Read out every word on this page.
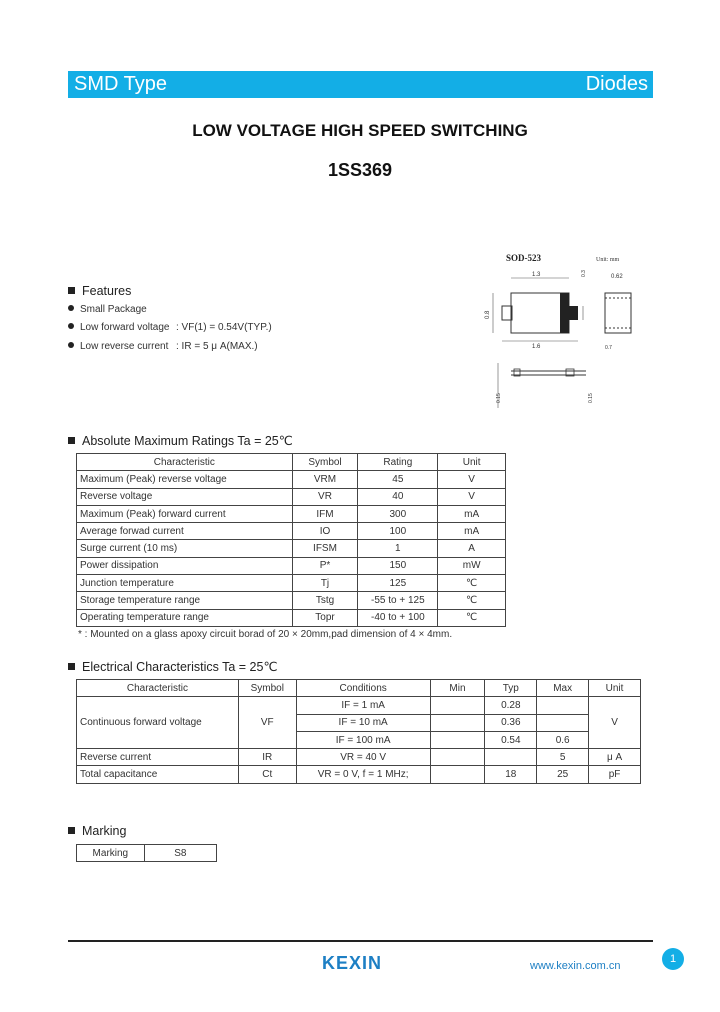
SMD Type	Diodes
LOW VOLTAGE HIGH SPEED SWITCHING
1SS369
SOD-523	Unit: mm
1.3
1.6
0.8
0.3	0.62
0.7
0.15	0.15
Features
Small Package
Low forward voltage : VF(1) = 0.54V(TYP.)
Low reverse current : IR = 5 μ A(MAX.)
Absolute Maximum Ratings Ta = 25℃
Characteristic	Symbol	Rating	Unit
Maximum (Peak) reverse voltage	VRM	45	V
Reverse voltage	VR	40	V
Maximum (Peak) forward current	IFM	300	mA
Average forwad current	IO	100	mA
Surge current (10 ms)	IFSM	1	A
Power dissipation	P*	150	mW
Junction temperature	Tj	125	℃
Storage temperature range	Tstg	-55 to + 125	℃
Operating temperature range	Topr	-40 to + 100	℃
* : Mounted on a glass apoxy circuit borad of 20 × 20mm,pad dimension of 4 × 4mm.
Electrical Characteristics Ta = 25℃
Characteristic	Symbol	Conditions	Min	Typ	Max	Unit
Continuous forward voltage	VF	IF = 1 mA		0.28		V
		IF = 10 mA		0.36		
		IF = 100 mA		0.54	0.6	
Reverse current	IR	VR = 40 V			5	μ A
Total capacitance	Ct	VR = 0 V, f = 1 MHz;		18	25	pF
Marking
Marking	S8
KEXIN	www.kexin.com.cn
1
